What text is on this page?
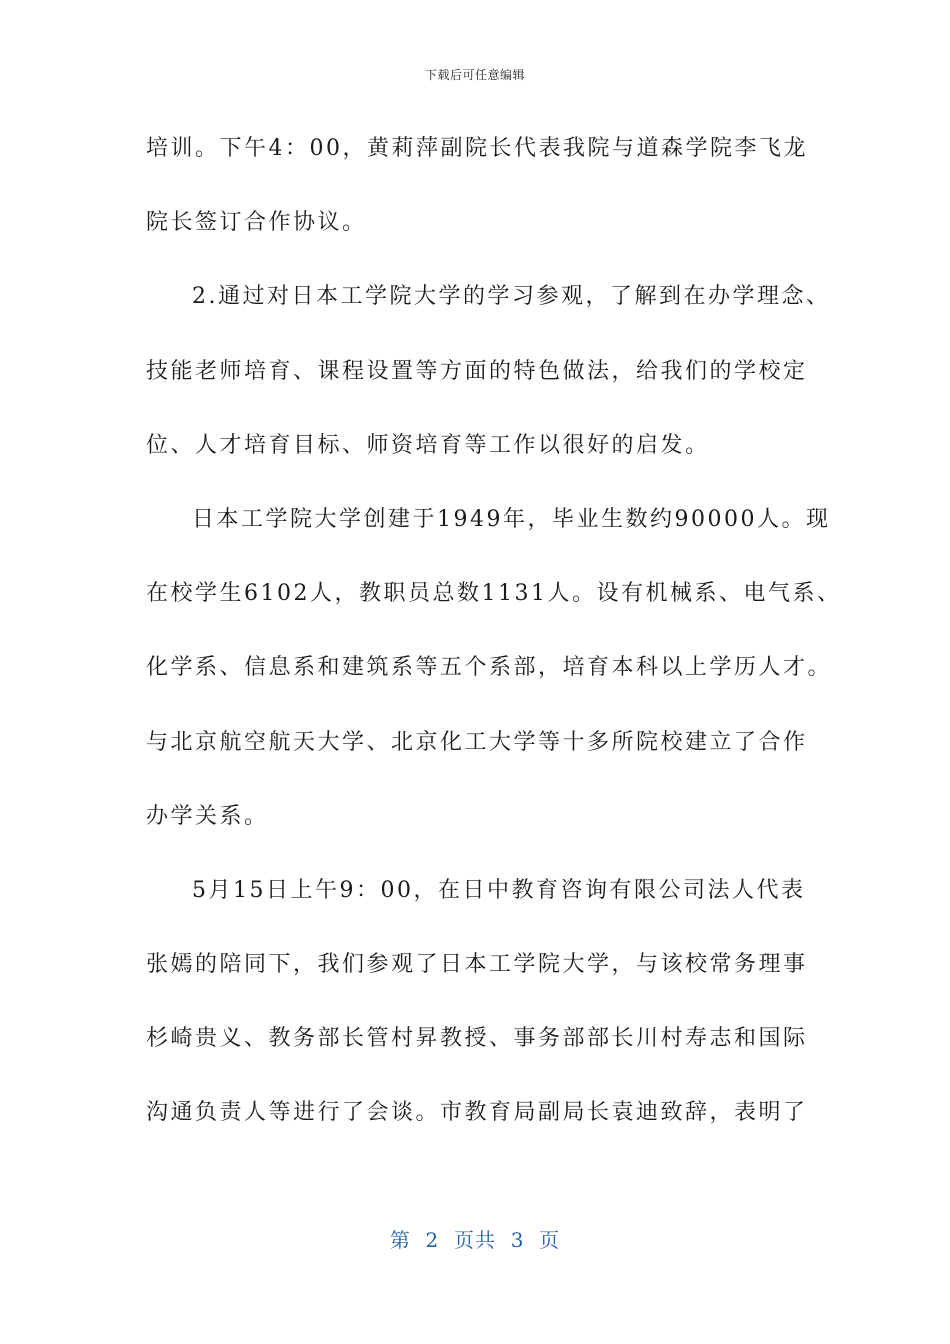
下载后可任意编辑
培训。下午4：00，黄莉萍副院长代表我院与道森学院李飞龙
院长签订合作协议。
2.通过对日本工学院大学的学习参观，了解到在办学理念、
技能老师培育、课程设置等方面的特色做法，给我们的学校定
位、人才培育目标、师资培育等工作以很好的启发。
日本工学院大学创建于1949年，毕业生数约90000人。现
在校学生6102人，教职员总数1131人。设有机械系、电气系、
化学系、信息系和建筑系等五个系部，培育本科以上学历人才。
与北京航空航天大学、北京化工大学等十多所院校建立了合作
办学关系。
5月15日上午9：00，在日中教育咨询有限公司法人代表
张嫣的陪同下，我们参观了日本工学院大学，与该校常务理事
杉崎贵义、教务部长管村昇教授、事务部部长川村寿志和国际
沟通负责人等进行了会谈。市教育局副局长袁迪致辞，表明了
第  2  页共  3  页
